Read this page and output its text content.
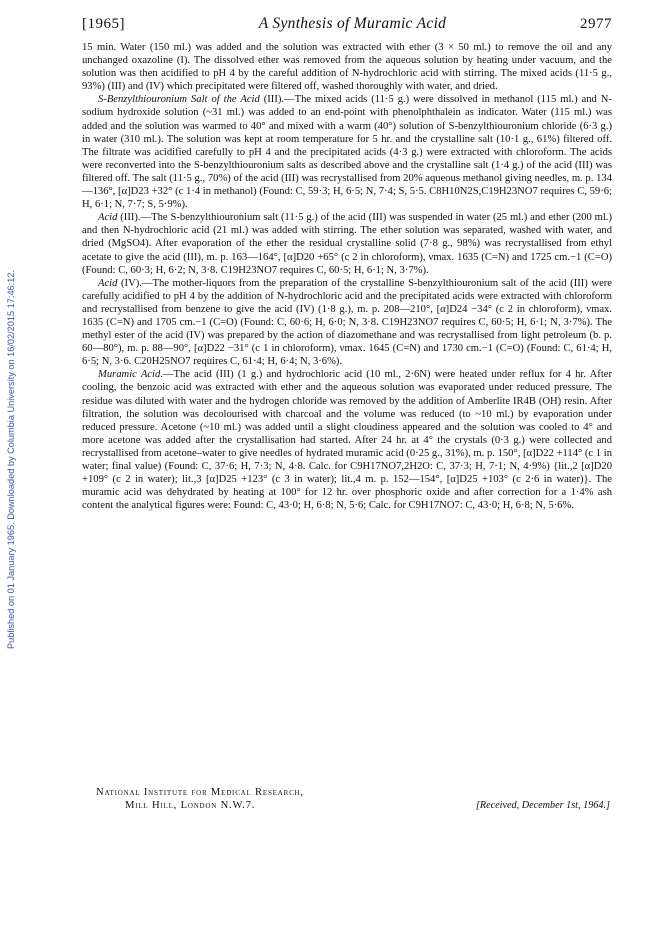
Published on 01 January 1965. Downloaded by Columbia University on 16/02/2015 17:46:12.
[1965]	A Synthesis of Muramic Acid	2977

15 min. Water (150 ml.) was added and the solution was extracted with ether (3 × 50 ml.) to remove the oil and any unchanged oxazoline (I). The dissolved ether was removed from the aqueous solution by heating under vacuum, and the solution was then acidified to pH 4 by the careful addition of N-hydrochloric acid with stirring. The mixed acids (11·5 g., 93%) (III) and (IV) which precipitated were filtered off, washed thoroughly with water, and dried.

S-Benzylthiouronium Salt of the Acid (III).—The mixed acids (11·5 g.) were dissolved in methanol (115 ml.) and N-sodium hydroxide solution (~31 ml.) was added to an end-point with phenolphthalein as indicator. Water (115 ml.) was added and the solution was warmed to 40° and mixed with a warm (40°) solution of S-benzylthiouronium chloride (6·3 g.) in water (310 ml.). The solution was kept at room temperature for 5 hr. and the crystalline salt (10·1 g., 61%) filtered off. The filtrate was acidified carefully to pH 4 and the precipitated acids (4·3 g.) were extracted with chloroform. The acids were reconverted into the S-benzylthiouronium salts as described above and the crystalline salt (1·4 g.) of the acid (III) was filtered off. The salt (11·5 g., 70%) of the acid (III) was recrystallised from 20% aqueous methanol giving needles, m. p. 134—136°, [α]D23 +32° (c 1·4 in methanol) (Found: C, 59·3; H, 6·5; N, 7·4; S, 5·5. C8H10N2S,C19H23NO7 requires C, 59·6; H, 6·1; N, 7·7; S, 5·9%).

Acid (III).—The S-benzylthiouronium salt (11·5 g.) of the acid (III) was suspended in water (25 ml.) and ether (200 ml.) and then N-hydrochloric acid (21 ml.) was added with stirring. The ether solution was separated, washed with water, and dried (MgSO4). After evaporation of the ether the residual crystalline solid (7·8 g., 98%) was recrystallised from ethyl acetate to give the acid (III), m. p. 163—164°, [α]D20 +65° (c 2 in chloroform), νmax. 1635 (C=N) and 1725 cm.−1 (C=O) (Found: C, 60·3; H, 6·2; N, 3·8. C19H23NO7 requires C, 60·5; H, 6·1; N, 3·7%).

Acid (IV).—The mother-liquors from the preparation of the crystalline S-benzylthiouronium salt of the acid (III) were carefully acidified to pH 4 by the addition of N-hydrochloric acid and the precipitated acids were extracted with chloroform and recrystallised from benzene to give the acid (IV) (1·8 g.), m. p. 208—210°, [α]D24 −34° (c 2 in chloroform), νmax. 1635 (C=N) and 1705 cm.−1 (C=O) (Found: C, 60·6; H, 6·0; N, 3·8. C19H23NO7 requires C, 60·5; H, 6·1; N, 3·7%). The methyl ester of the acid (IV) was prepared by the action of diazomethane and was recrystallised from light petroleum (b. p. 60—80°), m. p. 88—90°, [α]D22 −31° (c 1 in chloroform), νmax. 1645 (C=N) and 1730 cm.−1 (C=O) (Found: C, 61·4; H, 6·5; N, 3·6. C20H25NO7 requires C, 61·4; H, 6·4; N, 3·6%).

Muramic Acid.—The acid (III) (1 g.) and hydrochloric acid (10 ml., 2·6N) were heated under reflux for 4 hr. After cooling, the benzoic acid was extracted with ether and the aqueous solution was evaporated under reduced pressure. The residue was diluted with water and the hydrogen chloride was removed by the addition of Amberlite IR4B (OH) resin. After filtration, the solution was decolourised with charcoal and the volume was reduced (to ~10 ml.) by evaporation under reduced pressure. Acetone (~10 ml.) was added until a slight cloudiness appeared and the solution was cooled to 4° and more acetone was added after the crystallisation had started. After 24 hr. at 4° the crystals (0·3 g.) were collected and recrystallised from acetone–water to give needles of hydrated muramic acid (0·25 g., 31%), m. p. 150°, [α]D22 +114° (c 1 in water; final value) (Found: C, 37·6; H, 7·3; N, 4·8. Calc. for C9H17NO7,2H2O: C, 37·3; H, 7·1; N, 4·9%) {lit.,2 [α]D20 +109° (c 2 in water); lit.,3 [α]D25 +123° (c 3 in water); lit.,4 m. p. 152—154°, [α]D25 +103° (c 2·6 in water)}. The muramic acid was dehydrated by heating at 100° for 12 hr. over phosphoric oxide and after correction for a 1·4% ash content the analytical figures were: Found: C, 43·0; H, 6·8; N, 5·6; Calc. for C9H17NO7: C, 43·0; H, 6·8; N, 5·6%.

National Institute for Medical Research,
Mill Hill, London N.W.7.	[Received, December 1st, 1964.]
